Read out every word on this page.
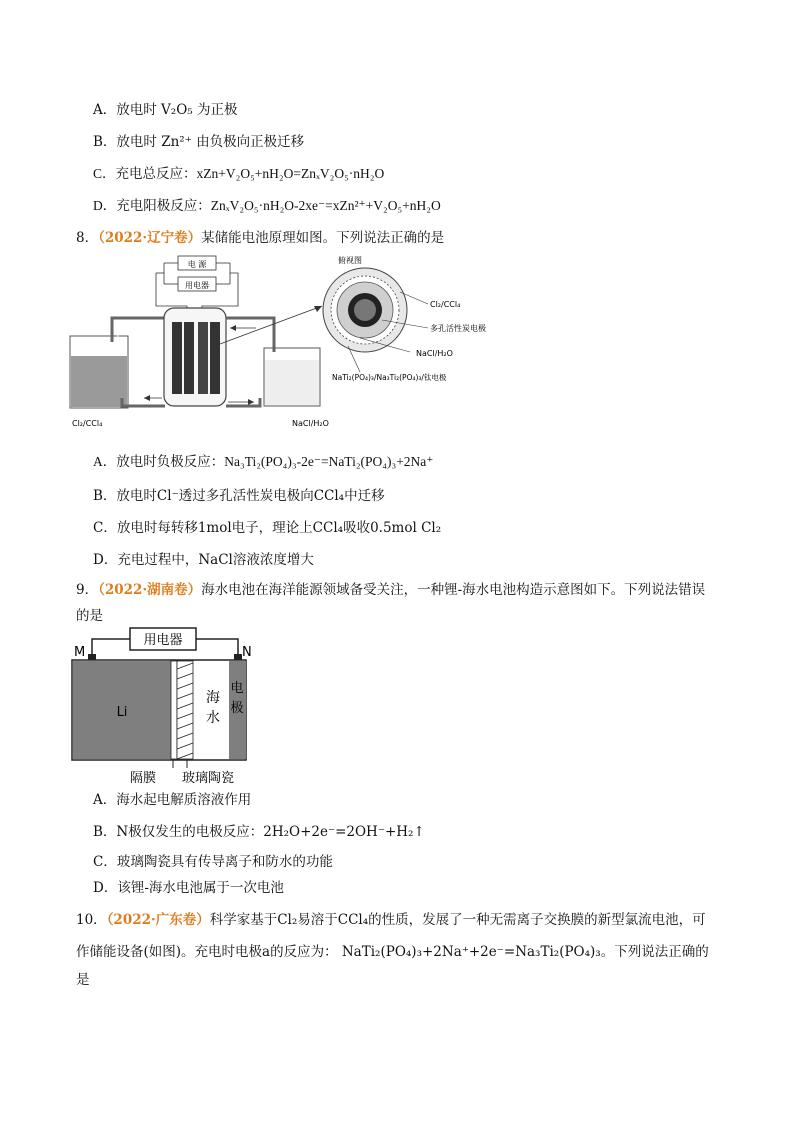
A．放电时 V₂O₅ 为正极
B．放电时 Zn²⁺ 由负极向正极迁移
C．充电总反应：xZn+V₂O₅+nH₂O=ZnₓV₂O₅·nH₂O
D．充电阳极反应：ZnₓV₂O₅·nH₂O-2xe⁻=xZn²⁺+V₂O₅+nH₂O
8．（2022·辽宁卷）某储能电池原理如图。下列说法正确的是
电 源
用电器
Cl₂/CCl₄	NaCl/H₂O
俯视图
Cl₂/CCl₄
多孔活性炭电极
NaCl/H₂O
NaTi₂(PO₄)₃/Na₃Ti₂(PO₄)₃/钛电极
A．放电时负极反应：Na₃Ti₂(PO₄)₃-2e⁻=NaTi₂(PO₄)₃+2Na⁺
B．放电时Cl⁻透过多孔活性炭电极向CCl₄中迁移
C．放电时每转移1mol电子，理论上CCl₄吸收0.5mol Cl₂
D．充电过程中，NaCl溶液浓度增大
9．（2022·湖南卷）海水电池在海洋能源领域备受关注，一种锂-海水电池构造示意图如下。下列说法错误
的是
用电器
M	N
Li
海
水
电
极
隔膜 玻璃陶瓷
A．海水起电解质溶液作用
B．N极仅发生的电极反应：2H₂O+2e⁻=2OH⁻+H₂↑
C．玻璃陶瓷具有传导离子和防水的功能
D．该锂-海水电池属于一次电池
10．（2022·广东卷）科学家基于Cl₂易溶于CCl₄的性质，发展了一种无需离子交换膜的新型氯流电池，可
作储能设备(如图)。充电时电极a的反应为： NaTi₂(PO₄)₃+2Na⁺+2e⁻=Na₃Ti₂(PO₄)₃。下列说法正确的
是
